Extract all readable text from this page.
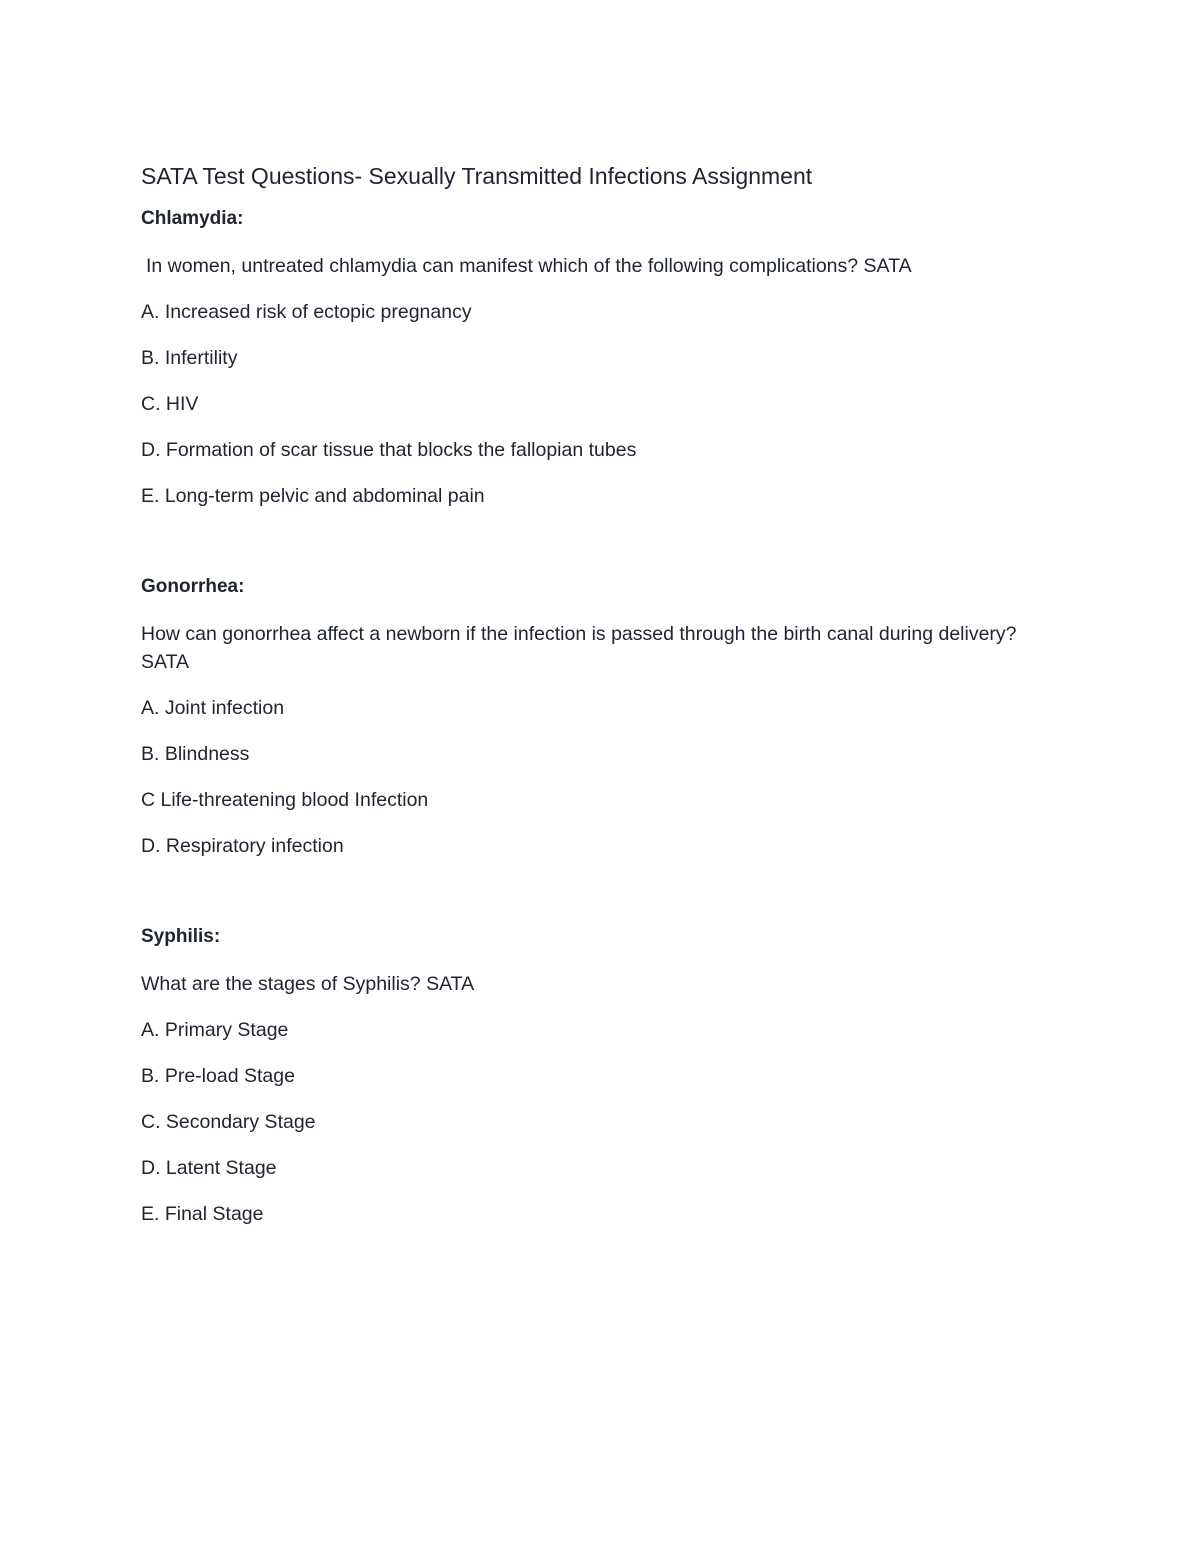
SATA Test Questions- Sexually Transmitted Infections Assignment
Chlamydia:
In women, untreated chlamydia can manifest which of the following complications? SATA
A. Increased risk of ectopic pregnancy
B. Infertility
C. HIV
D. Formation of scar tissue that blocks the fallopian tubes
E. Long-term pelvic and abdominal pain
Gonorrhea:
How can gonorrhea affect a newborn if the infection is passed through the birth canal during delivery? SATA
A. Joint infection
B. Blindness
C Life-threatening blood Infection
D. Respiratory infection
Syphilis:
What are the stages of Syphilis? SATA
A. Primary Stage
B. Pre-load Stage
C. Secondary Stage
D. Latent Stage
E. Final Stage
